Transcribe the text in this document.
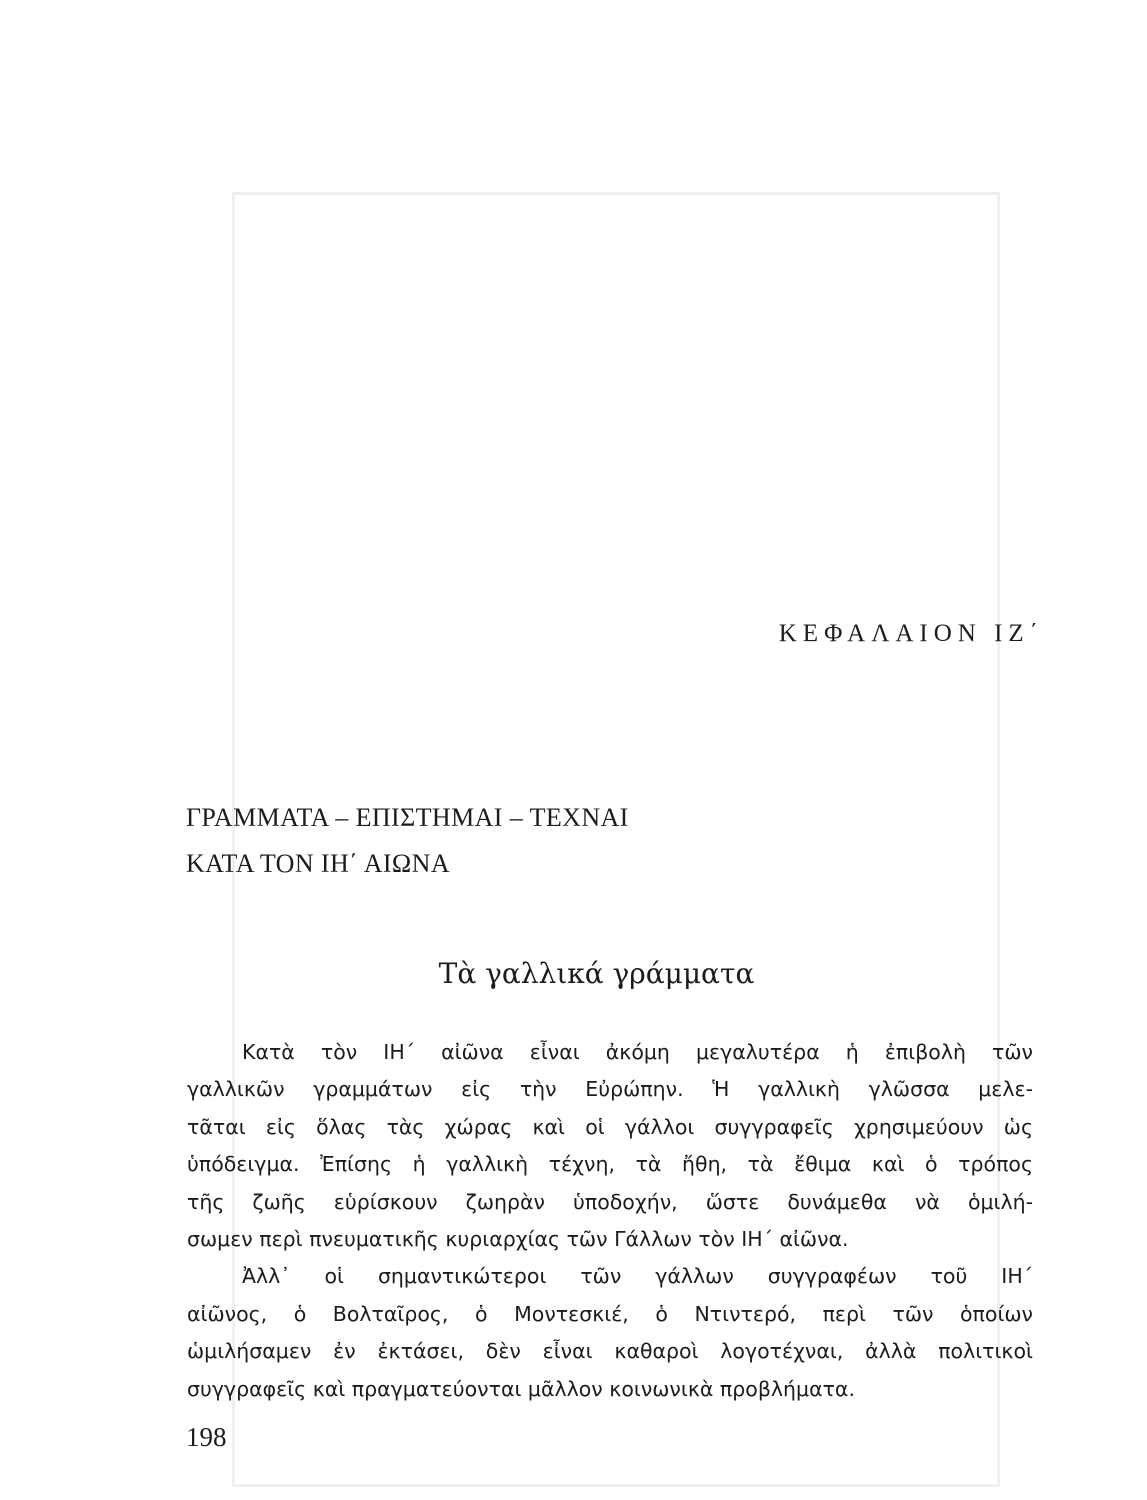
ΚΕΦΑΛΑΙΟΝ ΙΖ΄
ΓΡΑΜΜΑΤΑ – ΕΠΙΣΤΗΜΑΙ – ΤΕΧΝΑΙ
ΚΑΤΑ ΤΟΝ ΙΗ΄ ΑΙΩΝΑ
Τὰ γαλλικά γράμματα
Κατὰ τὸν ΙΗ΄ αἰῶνα εἶναι ἀκόμη μεγαλυτέρα ἡ ἐπιβολὴ τῶν
γαλλικῶν γραμμάτων εἰς τὴν Εὐρώπην. Ἡ γαλλικὴ γλῶσσα μελε-
τᾶται εἰς ὅλας τὰς χώρας καὶ οἱ γάλλοι συγγραφεῖς χρησιμεύουν ὡς
ὑπόδειγμα. Ἐπίσης ἡ γαλλικὴ τέχνη, τὰ ἤθη, τὰ ἔθιμα καὶ ὁ τρόπος
τῆς ζωῆς εὑρίσκουν ζωηρὰν ὑποδοχήν, ὥστε δυνάμεθα νὰ ὁμιλή-
σωμεν περὶ πνευματικῆς κυριαρχίας τῶν Γάλλων τὸν ΙΗ΄ αἰῶνα.
Ἀλλ᾿ οἱ σημαντικώτεροι τῶν γάλλων συγγραφέων τοῦ ΙΗ΄
αἰῶνος, ὁ Βολταῖρος, ὁ Μοντεσκιέ, ὁ Ντιντερό, περὶ τῶν ὁποίων
ὡμιλήσαμεν ἐν ἐκτάσει, δὲν εἶναι καθαροὶ λογοτέχναι, ἀλλὰ πολιτικοὶ
συγγραφεῖς καὶ πραγματεύονται μᾶλλον κοινωνικὰ προβλήματα.
198
